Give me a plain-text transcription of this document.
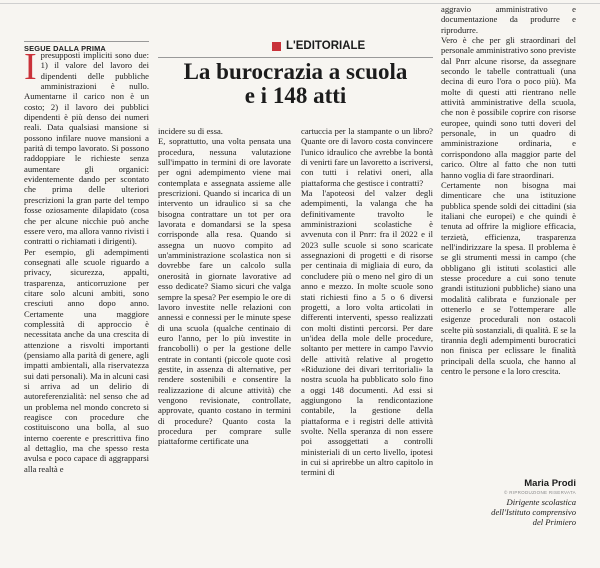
SEGUE DALLA PRIMA	L'EDITORIALE
La burocrazia a scuola
e i 148 atti

Ipresupposti impliciti sono due: 1) il valore del lavoro dei dipendenti delle pubbliche amministrazioni è nullo. Aumentarne il carico non è un costo; 2) il lavoro dei pubblici dipendenti è più denso dei numeri reali. Data qualsiasi mansione si possono infilare nuove mansioni a parità di tempo lavorato. Si possono raddoppiare le richieste senza aumentare gli organici: evidentemente dando per scontato che prima delle ulteriori prescrizioni la gran parte del tempo fosse oziosamente dilapidato (cosa che per alcune nicchie può anche essere vero, ma allora vanno rivisti i contratti o richiamati i dirigenti).

Per esempio, gli adempimenti consegnati alle scuole riguardo a privacy, sicurezza, appalti, trasparenza, anticorruzione per citare solo alcuni ambiti, sono cresciuti anno dopo anno. Certamente una maggiore complessità di approccio è necessitata anche da una crescita di attenzione a risvolti importanti (pensiamo alla parità di genere, agli impatti ambientali, alla riservatezza sui dati personali). Ma in alcuni casi si arriva ad un delirio di autoreferenzialità: nel senso che ad un problema nel mondo concreto si reagisce con procedure che costituiscono una bolla, al suo interno coerente e prescrittiva fino al dettaglio, ma che spesso resta avulsa e poco capace di aggrapparsi alla realtà e

incidere su di essa.

E, soprattutto, una volta pensata una procedura, nessuna valutazione sull'impatto in termini di ore lavorate per ogni adempimento viene mai contemplata e assegnata assieme alle prescrizioni. Quando si incarica di un intervento un idraulico si sa che bisogna contrattare un tot per ora lavorata e domandarsi se la spesa corrisponde alla resa. Quando si assegna un nuovo compito ad un'amministrazione scolastica non si dovrebbe fare un calcolo sulla onerosità in giornate lavorative ad esso dedicate? Siamo sicuri che valga sempre la spesa? Per esempio le ore di lavoro investite nelle relazioni con annessi e connessi per le minute spese di una scuola (qualche centinaio di euro l'anno, per lo più investite in francobolli) o per la gestione delle entrate in contanti (piccole quote così gestite, in assenza di alternative, per rendere sostenibili e consentire la realizzazione di alcune attività) che vengono revisionate, controllate, approvate, quanto costano in termini di procedure? Quanto costa la procedura per comprare sulle piattaforme certificate una

cartuccia per la stampante o un libro? Quante ore di lavoro costa convincere l'unico idraulico che avrebbe la bontà di venirti fare un lavoretto a iscriversi, con tutti i relativi oneri, alla piattaforma che gestisce i contratti?

Ma l'apoteosi del valzer degli adempimenti, la valanga che ha definitivamente travolto le amministrazioni scolastiche è avvenuta con il Pnrr: fra il 2022 e il 2023 sulle scuole si sono scaricate assegnazioni di progetti e di risorse per centinaia di migliaia di euro, da concludere più o meno nel giro di un anno e mezzo. In molte scuole sono stati richiesti fino a 5 o 6 diversi progetti, a loro volta articolati in differenti interventi, spesso realizzati con molti distinti percorsi. Per dare un'idea della mole delle procedure, soltanto per mettere in campo l'avvio delle attività relative al progetto «Riduzione dei divari territoriali» la nostra scuola ha pubblicato solo fino a oggi 148 documenti. Ad essi si aggiungono la rendicontazione contabile, la gestione della piattaforma e i registri delle attività svolte. Nella speranza di non essere poi assoggettati a controlli ministeriali di un certo livello, ipotesi in cui si aprirebbe un altro capitolo in termini di

aggravio amministrativo e documentazione da produrre e riprodurre.

Vero è che per gli straordinari del personale amministrativo sono previste dal Pnrr alcune risorse, da assegnare secondo le tabelle contrattuali (una decina di euro l'ora o poco più). Ma molte di questi atti rientrano nelle attività amministrative della scuola, che non è possibile coprire con risorse europee, quindi sono tutti doveri del personale, in un quadro di amministrazione ordinaria, e corrispondono alla maggior parte del carico. Oltre al fatto che non tutti hanno voglia di fare straordinari.

Certamente non bisogna mai dimenticare che una istituzione pubblica spende soldi dei cittadini (sia italiani che europei) e che quindi è tenuta ad offrire la migliore efficacia, terzietà, efficienza, trasparenza nell'indirizzare la spesa. Il problema è se gli strumenti messi in campo (che obbligano gli istituti scolastici alle stesse procedure a cui sono tenute grandi istituzioni pubbliche) siano una modalità calibrata e funzionale per ottenerlo e se l'ottemperare alle esigenze procedurali non ostacoli scelte più sostanziali, di qualità. E se la tirannia degli adempimenti burocratici non finisca per eclissare le finalità principali della scuola, che hanno al centro le persone e la loro crescita.

Maria Prodi
© RIPRODUZIONE RISERVATA
Dirigente scolastica
dell'Istituto comprensivo
del Primiero
